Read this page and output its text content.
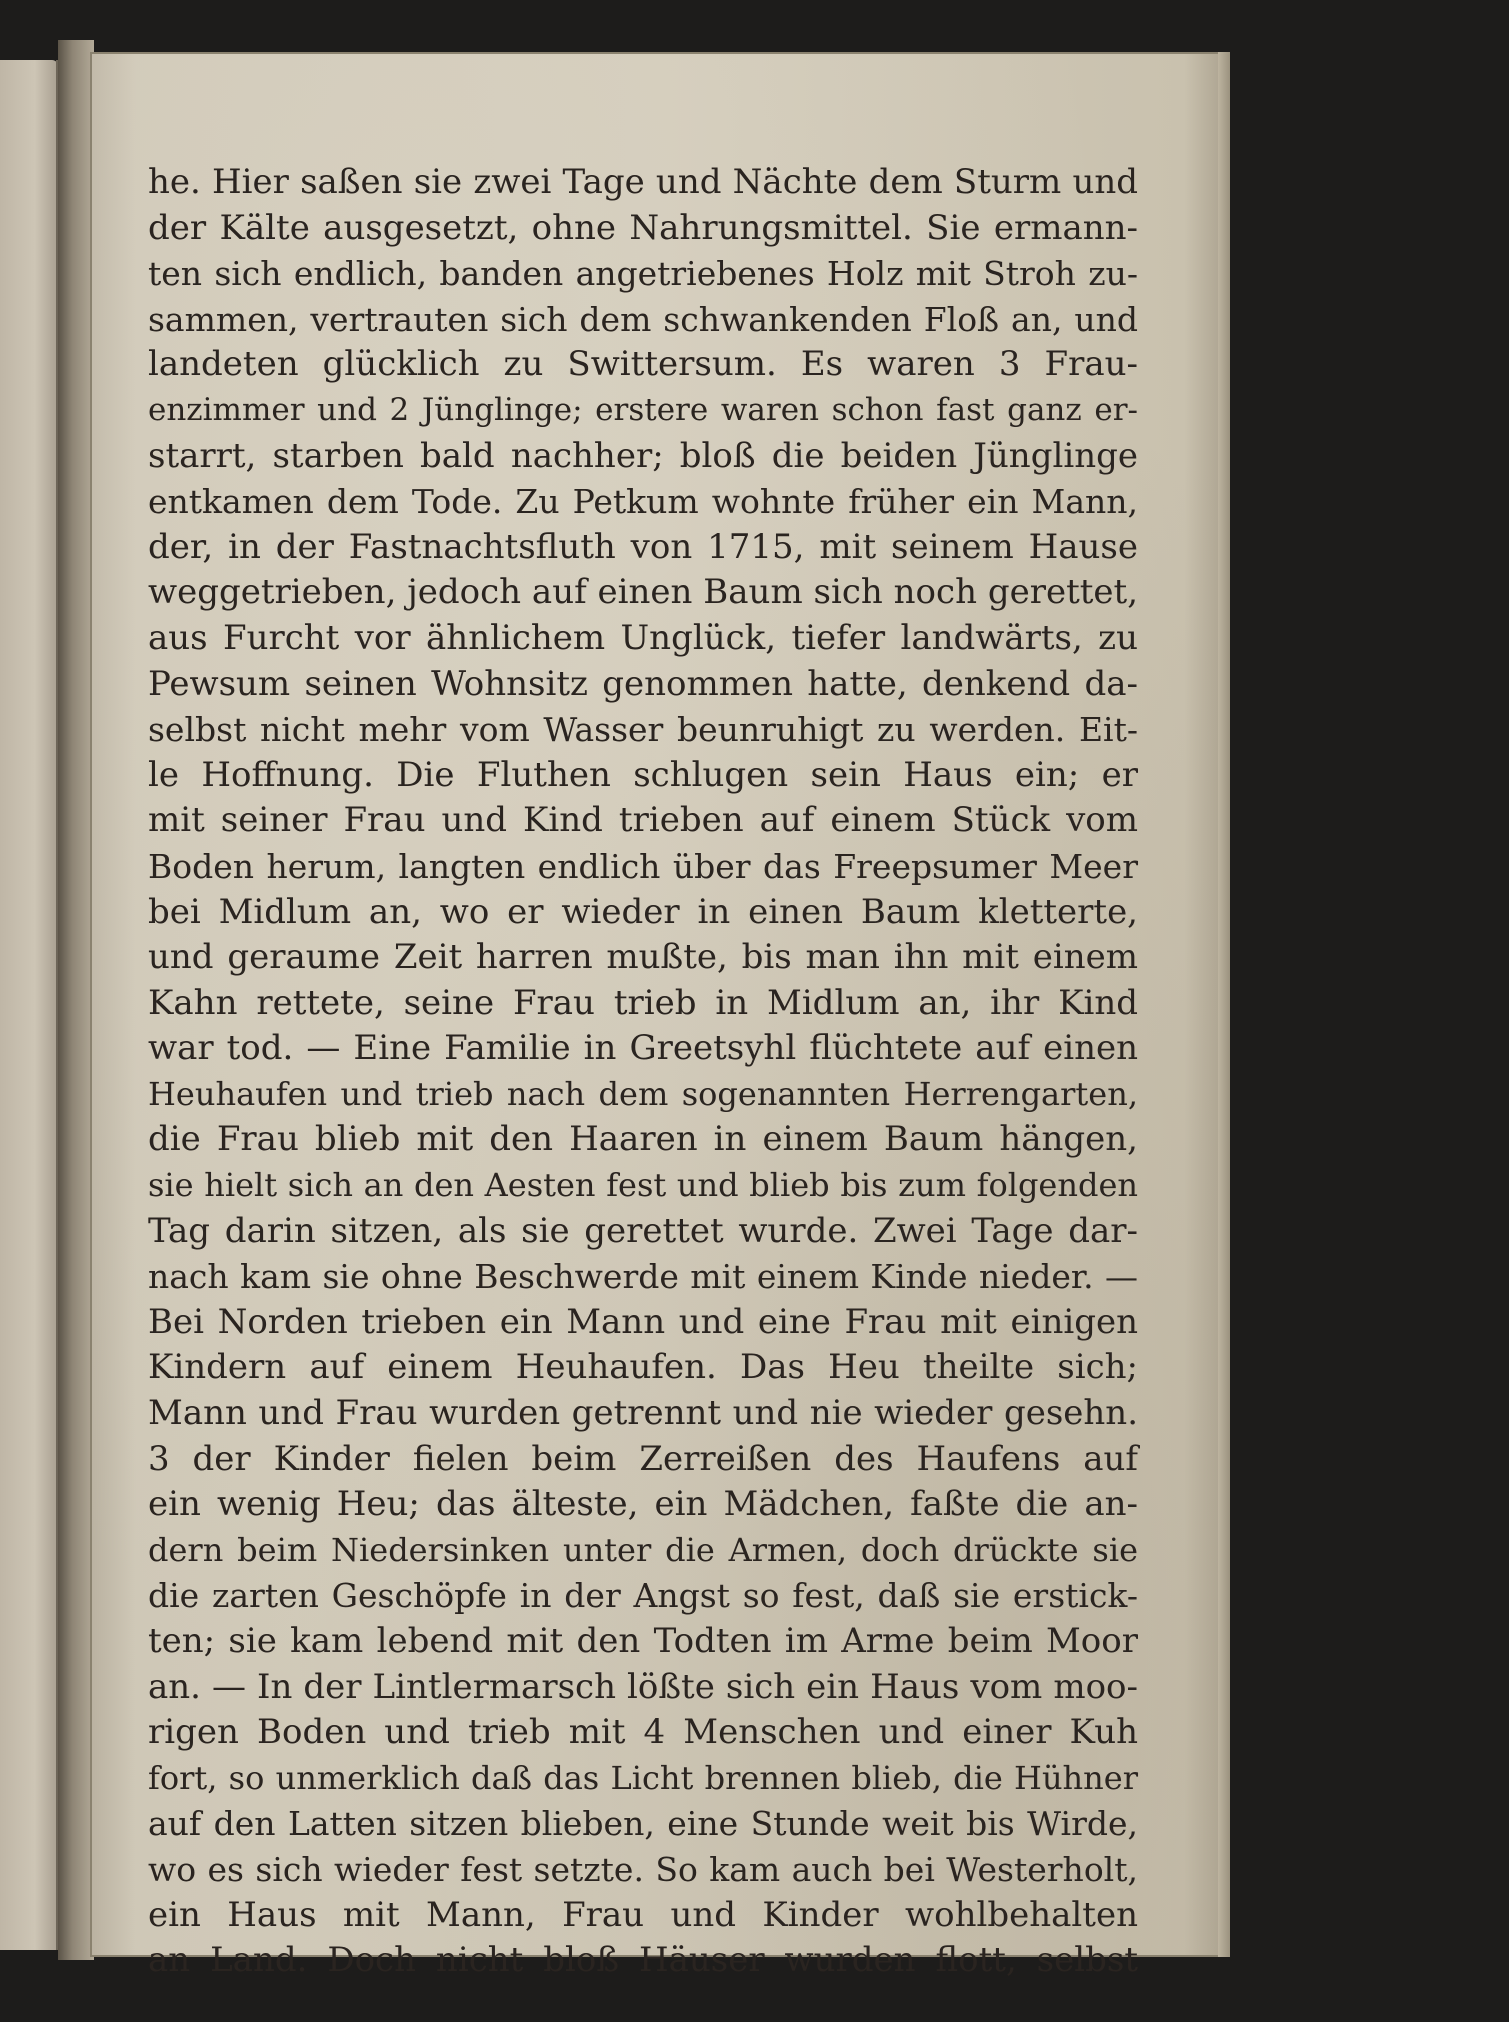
he. Hier saßen sie zwei Tage und Nächte dem Sturm und
der Kälte ausgesetzt, ohne Nahrungsmittel. Sie ermann-
ten sich endlich, banden angetriebenes Holz mit Stroh zu-
sammen, vertrauten sich dem schwankenden Floß an, und
landeten glücklich zu Swittersum. Es waren 3 Frau-
enzimmer und 2 Jünglinge; erstere waren schon fast ganz er-
starrt, starben bald nachher; bloß die beiden Jünglinge
entkamen dem Tode. Zu Petkum wohnte früher ein Mann,
der, in der Fastnachtsfluth von 1715, mit seinem Hause
weggetrieben, jedoch auf einen Baum sich noch gerettet,
aus Furcht vor ähnlichem Unglück, tiefer landwärts, zu
Pewsum seinen Wohnsitz genommen hatte, denkend da-
selbst nicht mehr vom Wasser beunruhigt zu werden. Eit-
le Hoffnung. Die Fluthen schlugen sein Haus ein; er
mit seiner Frau und Kind trieben auf einem Stück vom
Boden herum, langten endlich über das Freepsumer Meer
bei Midlum an, wo er wieder in einen Baum kletterte,
und geraume Zeit harren mußte, bis man ihn mit einem
Kahn rettete, seine Frau trieb in Midlum an, ihr Kind
war tod. — Eine Familie in Greetsyhl flüchtete auf einen
Heuhaufen und trieb nach dem sogenannten Herrengarten,
die Frau blieb mit den Haaren in einem Baum hängen,
sie hielt sich an den Aesten fest und blieb bis zum folgenden
Tag darin sitzen, als sie gerettet wurde. Zwei Tage dar-
nach kam sie ohne Beschwerde mit einem Kinde nieder. —
Bei Norden trieben ein Mann und eine Frau mit einigen
Kindern auf einem Heuhaufen. Das Heu theilte sich;
Mann und Frau wurden getrennt und nie wieder gesehn.
3 der Kinder fielen beim Zerreißen des Haufens auf
ein wenig Heu; das älteste, ein Mädchen, faßte die an-
dern beim Niedersinken unter die Armen, doch drückte sie
die zarten Geschöpfe in der Angst so fest, daß sie erstick-
ten; sie kam lebend mit den Todten im Arme beim Moor
an. — In der Lintlermarsch lößte sich ein Haus vom moo-
rigen Boden und trieb mit 4 Menschen und einer Kuh
fort, so unmerklich daß das Licht brennen blieb, die Hühner
auf den Latten sitzen blieben, eine Stunde weit bis Wirde,
wo es sich wieder fest setzte. So kam auch bei Westerholt,
ein Haus mit Mann, Frau und Kinder wohlbehalten
an Land. Doch nicht bloß Häuser wurden flott, selbst
